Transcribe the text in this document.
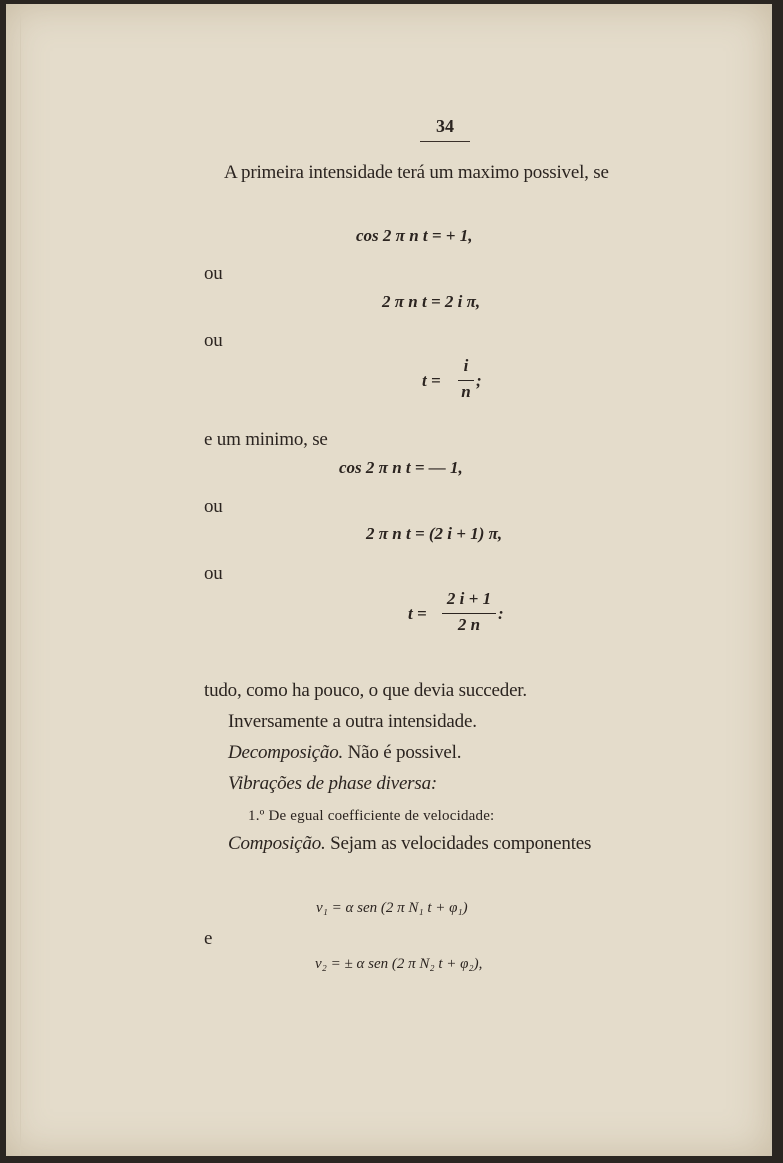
34
A primeira intensidade terá um maximo possivel, se
cos 2 π n t = + 1,
ou
2 π n t = 2 i π,
ou
t =
i
n
;
e um minimo, se
cos 2 π n t = — 1,
ou
2 π n t = (2 i + 1) π,
ou
t =
2 i + 1
2 n
:
tudo, como ha pouco, o que devia succeder.
Inversamente a outra intensidade.
Decomposição. Não é possivel.
Vibrações de phase diversa:
1.º De egual coefficiente de velocidade:
Composição. Sejam as velocidades componentes
v₁ = α sen (2 π N₁ t + φ₁)
e
v₂ = ± α sen (2 π N₂ t + φ₂),
